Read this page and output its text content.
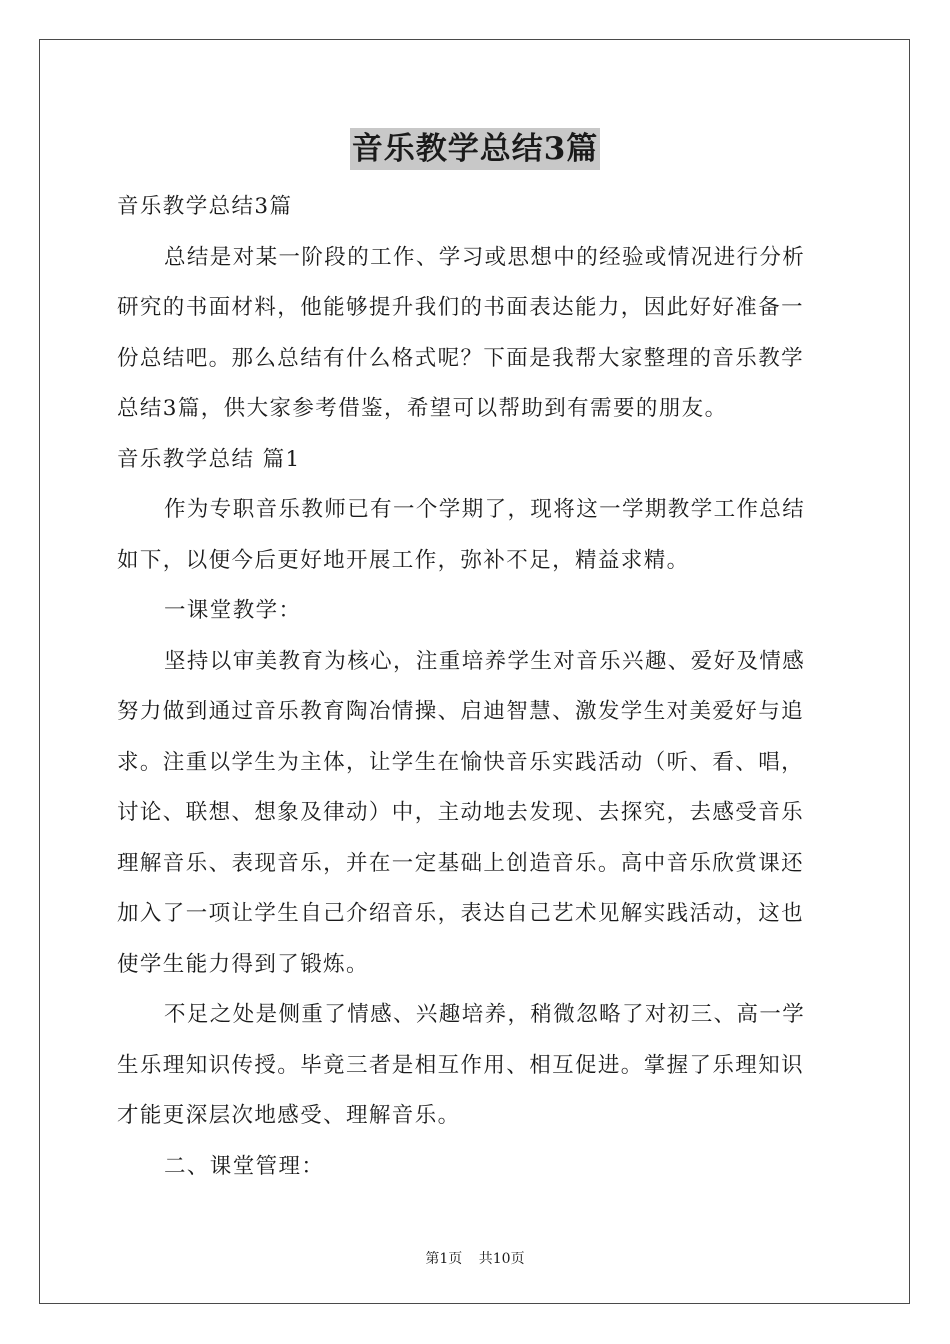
音乐教学总结3篇
音乐教学总结3篇
总结是对某一阶段的工作、学习或思想中的经验或情况进行分析
研究的书面材料，他能够提升我们的书面表达能力，因此好好准备一
份总结吧。那么总结有什么格式呢？下面是我帮大家整理的音乐教学
总结3篇，供大家参考借鉴，希望可以帮助到有需要的朋友。
音乐教学总结 篇1
作为专职音乐教师已有一个学期了，现将这一学期教学工作总结
如下，以便今后更好地开展工作，弥补不足，精益求精。
一课堂教学：
坚持以审美教育为核心，注重培养学生对音乐兴趣、爱好及情感
努力做到通过音乐教育陶冶情操、启迪智慧、激发学生对美爱好与追
求。注重以学生为主体，让学生在愉快音乐实践活动（听、看、唱，
讨论、联想、想象及律动）中，主动地去发现、去探究，去感受音乐
理解音乐、表现音乐，并在一定基础上创造音乐。高中音乐欣赏课还
加入了一项让学生自己介绍音乐，表达自己艺术见解实践活动，这也
使学生能力得到了锻炼。
不足之处是侧重了情感、兴趣培养，稍微忽略了对初三、高一学
生乐理知识传授。毕竟三者是相互作用、相互促进。掌握了乐理知识
才能更深层次地感受、理解音乐。
二、课堂管理：
第1页 共10页
